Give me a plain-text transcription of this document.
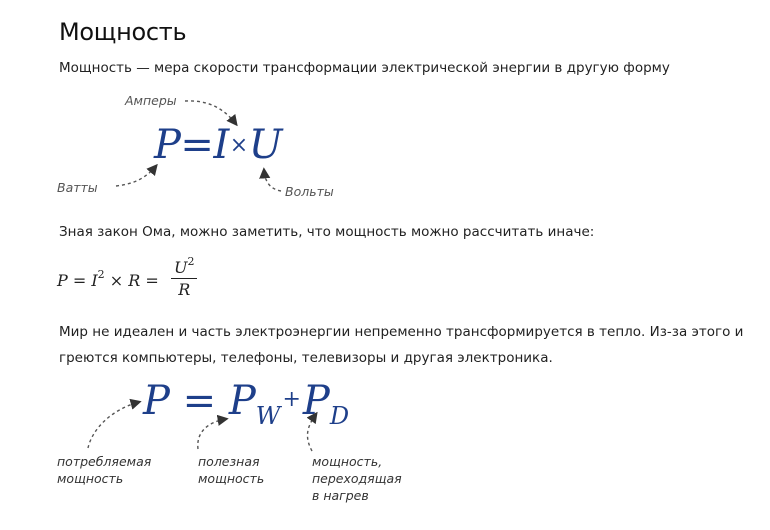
Мощность
Мощность — мера скорости трансформации электрической энергии в другую форму
P=I×U
Амперы
Ватты	Вольты
Зная закон Ома, можно заметить, что мощность можно рассчитать иначе:
$P = I^2 \times R$ =
$U^2$
R
Мир не идеален и часть электроэнергии непременно трансформируется в тепло. Из-за этого и
греются компьютеры, телефоны, телевизоры и другая электроника.
$P = P_W^+P_D$
потребляемая мощность
полезная мощность
мощность, переходящая в нагрев
